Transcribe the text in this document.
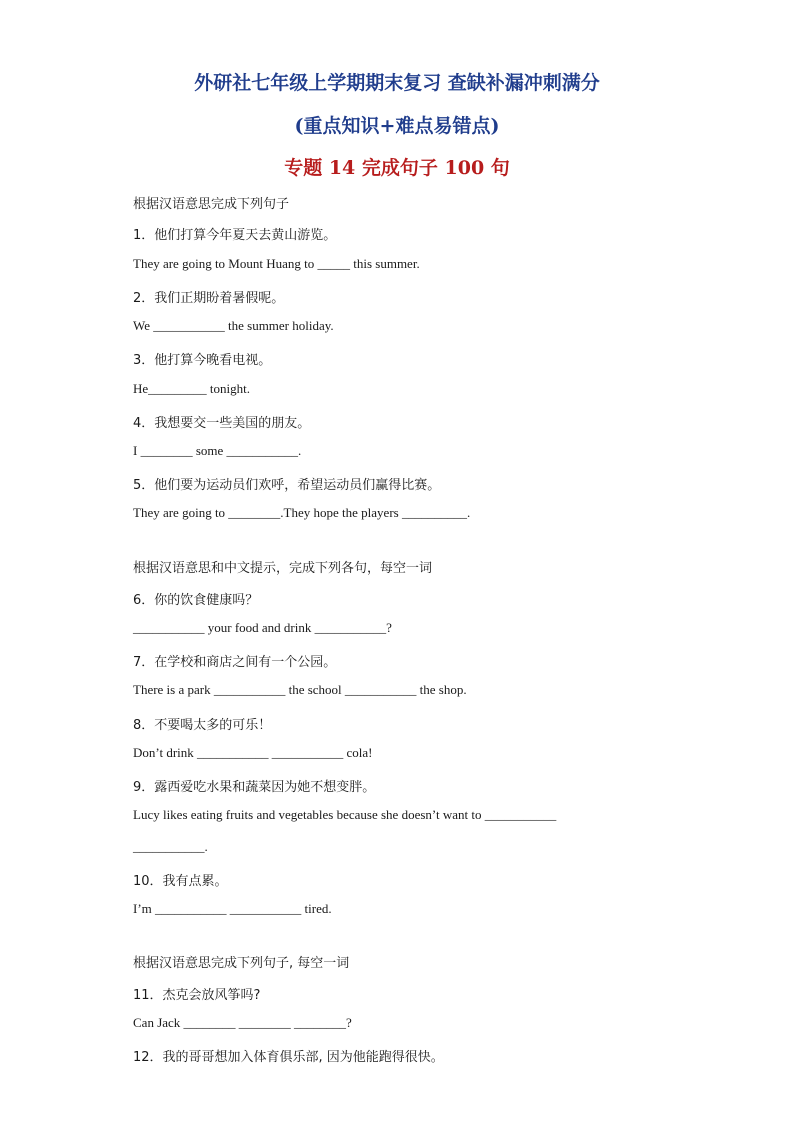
外研社七年级上学期期末复习 查缺补漏冲刺满分
(重点知识+难点易错点)
专题 14 完成句子 100 句
根据汉语意思完成下列句子
1．他们打算今年夏天去黄山游览。
They are going to Mount Huang to _____ this summer.
2．我们正期盼着暑假呢。
We ___________ the summer holiday.
3．他打算今晚看电视。
He_________ tonight.
4．我想要交一些美国的朋友。
I ________ some ___________.
5．他们要为运动员们欢呼，希望运动员们赢得比赛。
They are going to ________.They hope the players __________.
根据汉语意思和中文提示，完成下列各句，每空一词
6．你的饮食健康吗？
___________ your food and drink ___________?
7．在学校和商店之间有一个公园。
There is a park ___________ the school ___________ the shop.
8．不要喝太多的可乐！
Don’t drink ___________ ___________ cola!
9．露西爱吃水果和蔬菜因为她不想变胖。
Lucy likes eating fruits and vegetables because she doesn’t want to ___________
___________.
10．我有点累。
I’m ___________ ___________ tired.
根据汉语意思完成下列句子, 每空一词
11．杰克会放风筝吗?
Can Jack ________ ________ ________?
12．我的哥哥想加入体育俱乐部, 因为他能跑得很快。
